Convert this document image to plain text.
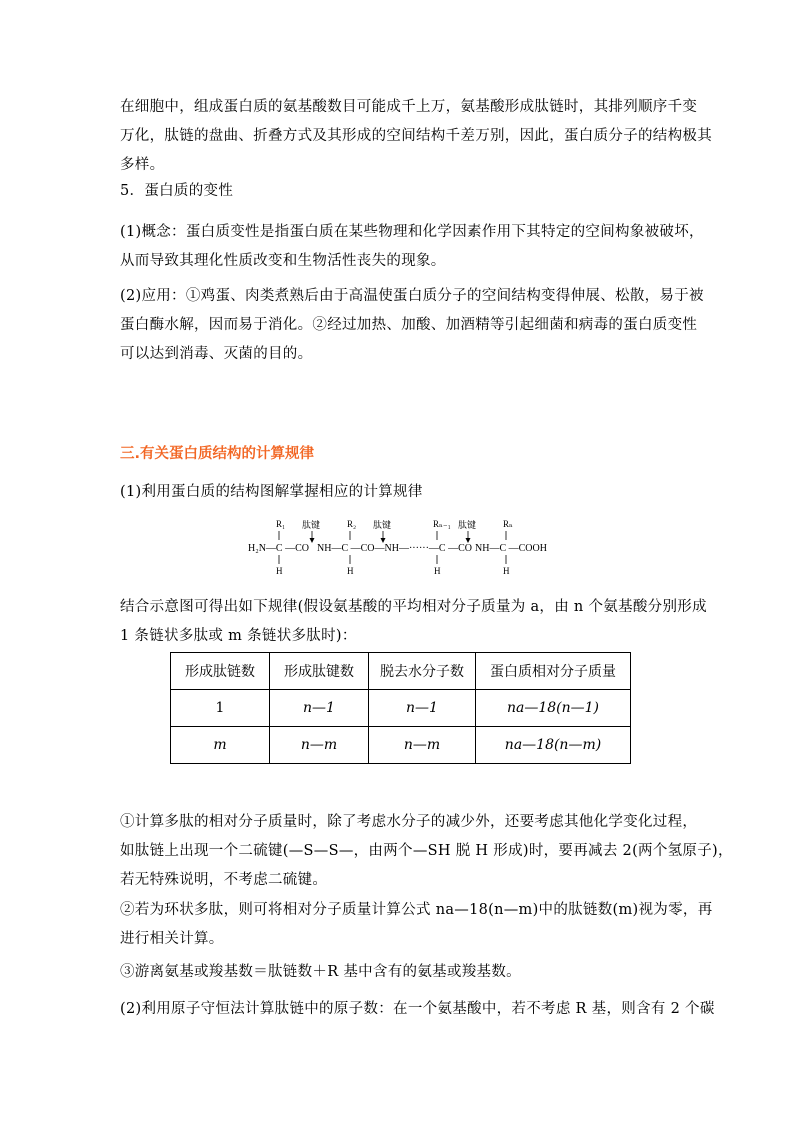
在细胞中，组成蛋白质的氨基酸数目可能成千上万，氨基酸形成肽链时，其排列顺序千变
万化，肽链的盘曲、折叠方式及其形成的空间结构千差万别，因此，蛋白质分子的结构极其
多样。

5．蛋白质的变性

(1)概念：蛋白质变性是指蛋白质在某些物理和化学因素作用下其特定的空间构象被破坏，
从而导致其理化性质改变和生物活性丧失的现象。

(2)应用：①鸡蛋、肉类煮熟后由于高温使蛋白质分子的空间结构变得伸展、松散，易于被
蛋白酶水解，因而易于消化。②经过加热、加酸、加酒精等引起细菌和病毒的蛋白质变性
可以达到消毒、灭菌的目的。

三.有关蛋白质结构的计算规律

(1)利用蛋白质的结构图解掌握相应的计算规律

R₁	R₂	Rₙ₋₁	Rₙ
肽键	肽键	肽键
H₂N—C —CO NH—C —CO—NH—······—C —CO NH—C —COOH
H	H	H	H

结合示意图可得出如下规律(假设氨基酸的平均相对分子质量为 a，由 n 个氨基酸分别形成
1 条链状多肽或 m 条链状多肽时)：

形成肽链数	形成肽键数	脱去水分子数	蛋白质相对分子质量
1	n—1	n—1	na—18(n—1)
m	n—m	n—m	na—18(n—m)

①计算多肽的相对分子质量时，除了考虑水分子的减少外，还要考虑其他化学变化过程，
如肽链上出现一个二硫键(—S—S—，由两个—SH 脱 H 形成)时，要再减去 2(两个氢原子)，
若无特殊说明，不考虑二硫键。

②若为环状多肽，则可将相对分子质量计算公式 na—18(n—m)中的肽链数(m)视为零，再
进行相关计算。

③游离氨基或羧基数＝肽链数＋R 基中含有的氨基或羧基数。

(2)利用原子守恒法计算肽链中的原子数：在一个氨基酸中，若不考虑 R 基，则含有 2 个碳
